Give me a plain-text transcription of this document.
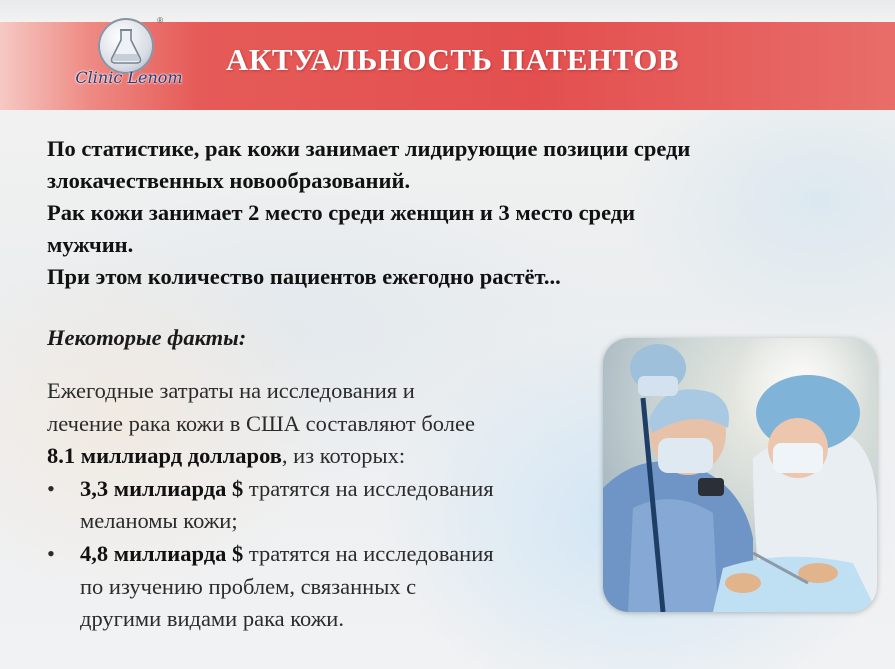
®
Clinic Lenom
АКТУАЛЬНОСТЬ ПАТЕНТОВ

По статистике, рак кожи занимает лидирующие позиции среди

злокачественных новообразований.

Рак кожи занимает 2 место среди женщин и 3 место среди

мужчин.

При этом количество пациентов ежегодно растёт...

Некоторые факты:

Ежегодные затраты на исследования и

лечение рака кожи в США составляют более

8.1 миллиард долларов, из которых:

• 3,3 миллиарда $ тратятся на исследования
меланомы кожи;
• 4,8 миллиарда $ тратятся на исследования
по изучению проблем, связанных с
другими видами рака кожи.
